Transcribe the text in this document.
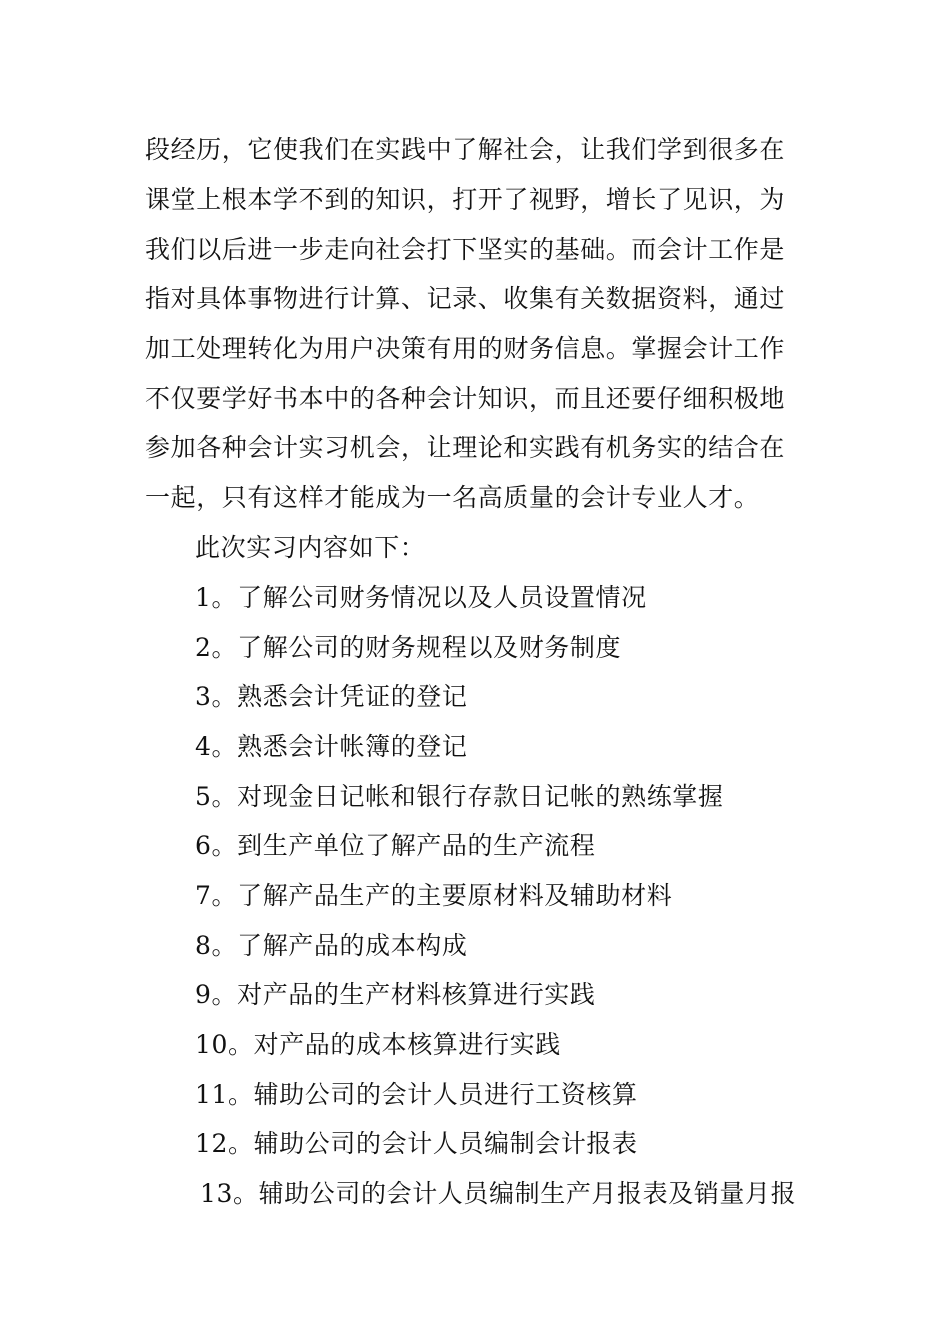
段经历，它使我们在实践中了解社会，让我们学到很多在
课堂上根本学不到的知识，打开了视野，增长了见识，为
我们以后进一步走向社会打下坚实的基础。而会计工作是
指对具体事物进行计算、记录、收集有关数据资料，通过
加工处理转化为用户决策有用的财务信息。掌握会计工作
不仅要学好书本中的各种会计知识，而且还要仔细积极地
参加各种会计实习机会，让理论和实践有机务实的结合在
一起，只有这样才能成为一名高质量的会计专业人才。
此次实习内容如下：
1。了解公司财务情况以及人员设置情况
2。了解公司的财务规程以及财务制度
3。熟悉会计凭证的登记
4。熟悉会计帐簿的登记
5。对现金日记帐和银行存款日记帐的熟练掌握
6。到生产单位了解产品的生产流程
7。了解产品生产的主要原材料及辅助材料
8。了解产品的成本构成
9。对产品的生产材料核算进行实践
10。对产品的成本核算进行实践
11。辅助公司的会计人员进行工资核算
12。辅助公司的会计人员编制会计报表
13。辅助公司的会计人员编制生产月报表及销量月报
